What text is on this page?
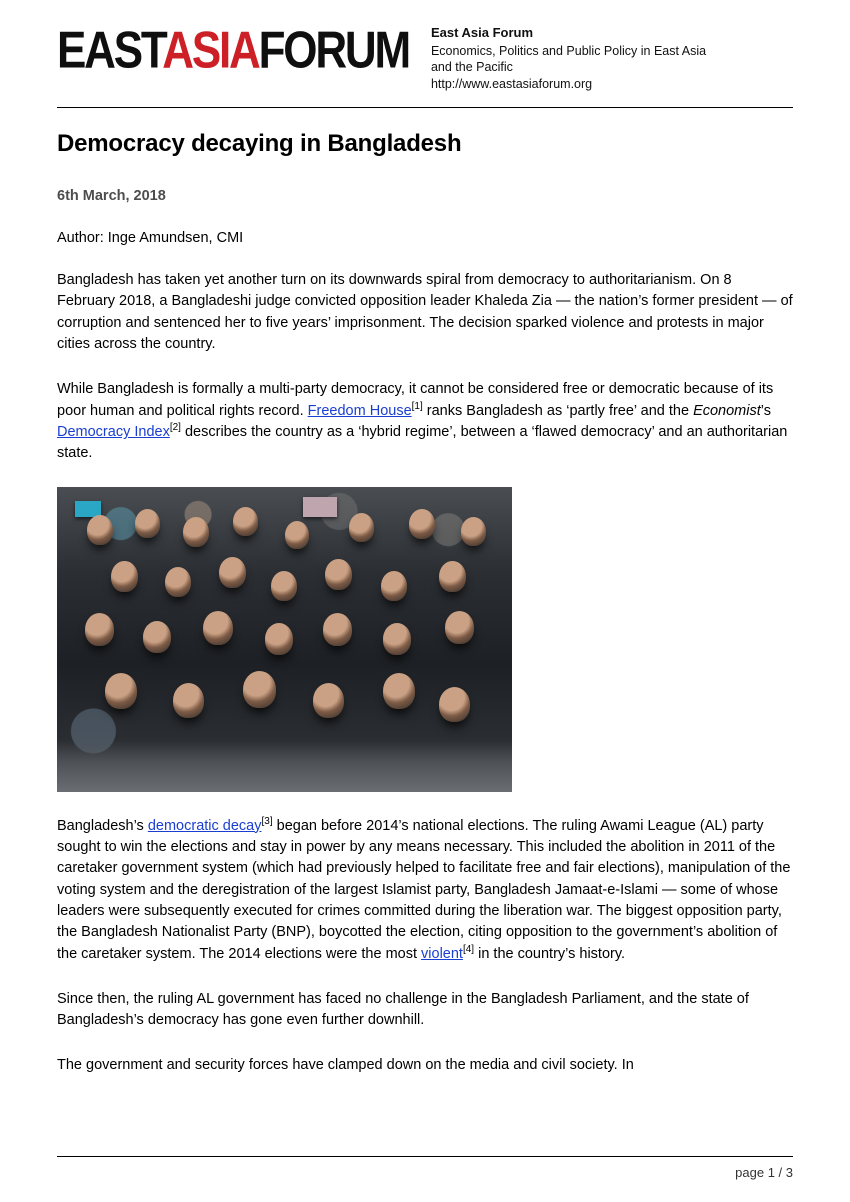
EASTASIAFORUM East Asia Forum
Economics, Politics and Public Policy in East Asia
and the Pacific
http://www.eastasiaforum.org
Democracy decaying in Bangladesh

6th March, 2018

Author: Inge Amundsen, CMI

Bangladesh has taken yet another turn on its downwards spiral from democracy to authoritarianism. On 8 February 2018, a Bangladeshi judge convicted opposition leader Khaleda Zia — the nation’s former president — of corruption and sentenced her to five years’ imprisonment. The decision sparked violence and protests in major cities across the country.

While Bangladesh is formally a multi-party democracy, it cannot be considered free or democratic because of its poor human and political rights record. Freedom House[1] ranks Bangladesh as ‘partly free’ and the Economist’s Democracy Index[2] describes the country as a ‘hybrid regime’, between a ‘flawed democracy’ and an authoritarian state.

Bangladesh’s democratic decay[3] began before 2014’s national elections. The ruling Awami League (AL) party sought to win the elections and stay in power by any means necessary. This included the abolition in 2011 of the caretaker government system (which had previously helped to facilitate free and fair elections), manipulation of the voting system and the deregistration of the largest Islamist party, Bangladesh Jamaat-e-Islami — some of whose leaders were subsequently executed for crimes committed during the liberation war. The biggest opposition party, the Bangladesh Nationalist Party (BNP), boycotted the election, citing opposition to the government’s abolition of the caretaker system. The 2014 elections were the most violent[4] in the country’s history.

Since then, the ruling AL government has faced no challenge in the Bangladesh Parliament, and the state of Bangladesh’s democracy has gone even further downhill.

The government and security forces have clamped down on the media and civil society. In

page 1 / 3
